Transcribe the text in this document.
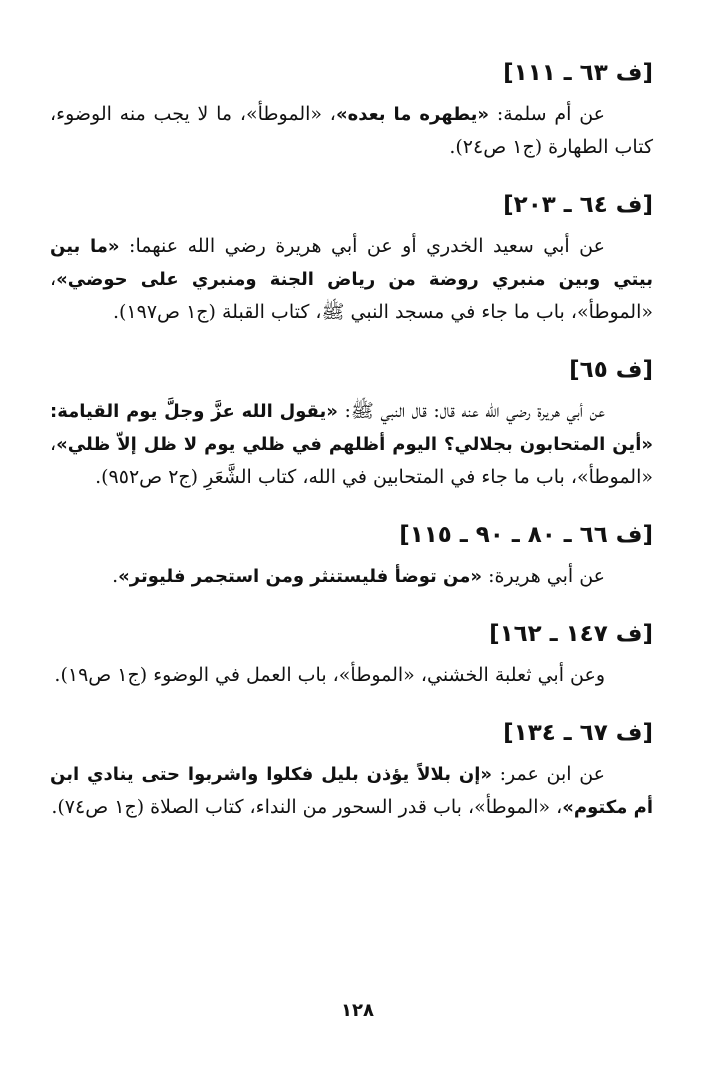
[ف ٦٣ ـ ١١١]

عن أم سلمة: «يطهره ما بعده»، «الموطأ»، ما لا يجب منه الوضوء، كتاب الطهارة (ج١ ص٢٤).

[ف ٦٤ ـ ٢٠٣]

عن أبي سعيد الخدري أو عن أبي هريرة رضي الله عنهما: «ما بين بيتي وبين منبري روضة من رياض الجنة ومنبري على حوضي»، «الموطأ»، باب ما جاء في مسجد النبي ﷺ، كتاب القبلة (ج١ ص١٩٧).

[ف ٦٥]

عن أبي هريرة رضي الله عنه قال: قال النبي ﷺ: «يقول الله عزَّ وجلَّ يوم القيامة: «أين المتحابون بجلالي؟ اليوم أظلهم في ظلي يوم لا ظل إلاّ ظلي»، «الموطأ»، باب ما جاء في المتحابين في الله، كتاب الشَّعَرِ (ج٢ ص٩٥٢).

[ف ٦٦ ـ ٨٠ ـ ٩٠ ـ ١١٥]

عن أبي هريرة: «من توضأ فليستنثر ومن استجمر فليوتر».

[ف ١٤٧ ـ ١٦٢]

وعن أبي ثعلبة الخشني، «الموطأ»، باب العمل في الوضوء (ج١ ص١٩).

[ف ٦٧ ـ ١٣٤]

عن ابن عمر: «إن بلالاً يؤذن بليل فكلوا واشربوا حتى ينادي ابن أم مكتوم»، «الموطأ»، باب قدر السحور من النداء، كتاب الصلاة (ج١ ص٧٤).

١٢٨
